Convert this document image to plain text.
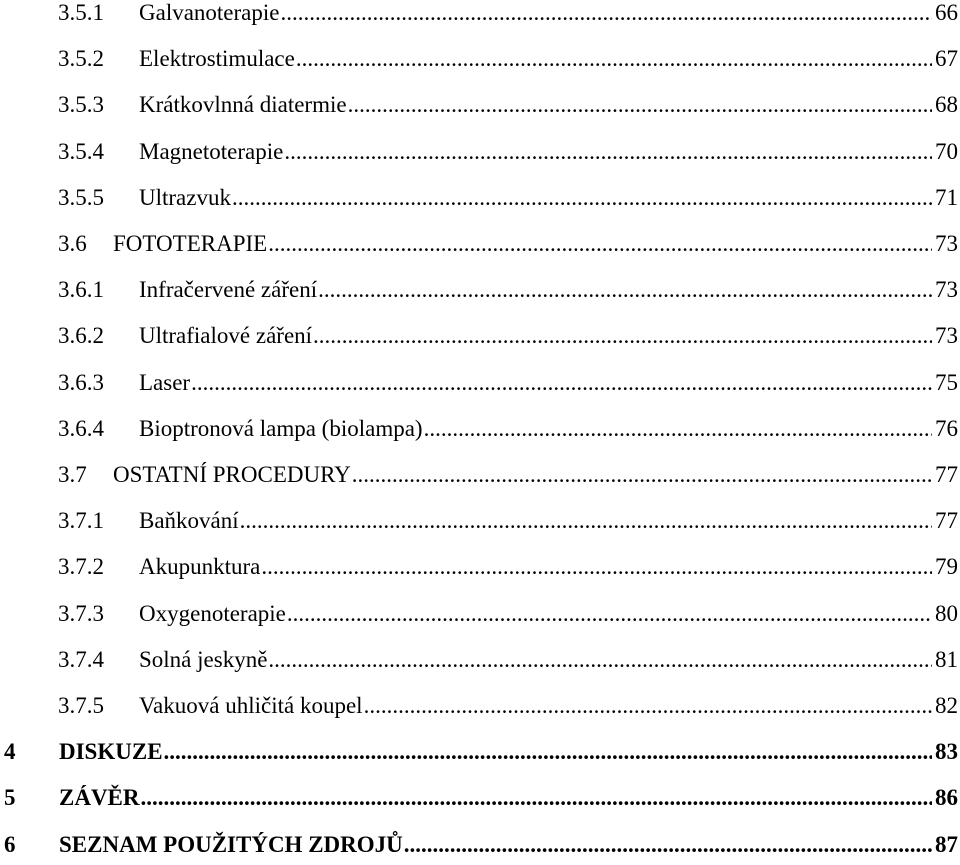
3.5.1	Galvanoterapie .....	66
3.5.2	Elektrostimulace .....	67
3.5.3	Krátkovlnná diatermie .....	68
3.5.4	Magnetoterapie .....	70
3.5.5	Ultrazvuk .....	71
3.6	FOTOTERAPIE .....	73
3.6.1	Infračervené záření .....	73
3.6.2	Ultrafialové záření .....	73
3.6.3	Laser .....	75
3.6.4	Bioptronová lampa (biolampa) .....	76
3.7	OSTATNÍ PROCEDURY .....	77
3.7.1	Baňkování .....	77
3.7.2	Akupunktura .....	79
3.7.3	Oxygenoterapie .....	80
3.7.4	Solná jeskyně .....	81
3.7.5	Vakuová uhličitá koupel .....	82
4	DISKUZE .....	83
5	ZÁVĚR .....	86
6	SEZNAM POUŽITÝCH ZDROJŮ .....	87
